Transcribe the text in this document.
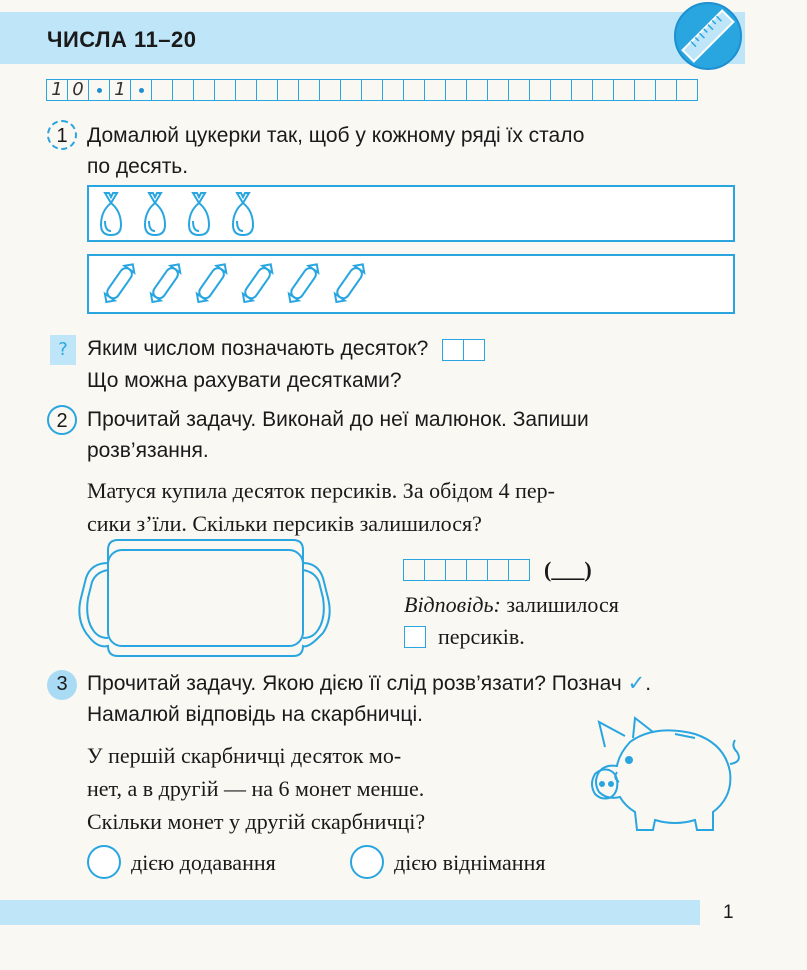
ЧИСЛА 11–20
1 0 1
1 Домалюй цукерки так, щоб у кожному ряді їх стало
по десять.
? Яким числом позначають десяток?
Що можна рахувати десятками?
2 Прочитай задачу. Виконай до неї малюнок. Запиши
розв’язання.
Матуся купила десяток персиків. За обідом 4 пер-
сики з’їли. Скільки персиків залишилося?
(___)
Відповідь: залишилося
персиків.
3 Прочитай задачу. Якою дією її слід розв’язати? Познач ✓.
Намалюй відповідь на скарбничці.
У першій скарбничці десяток мо-
нет, а в другій — на 6 монет менше.
Скільки монет у другій скарбничці?
дією додавання	дією віднімання
1
